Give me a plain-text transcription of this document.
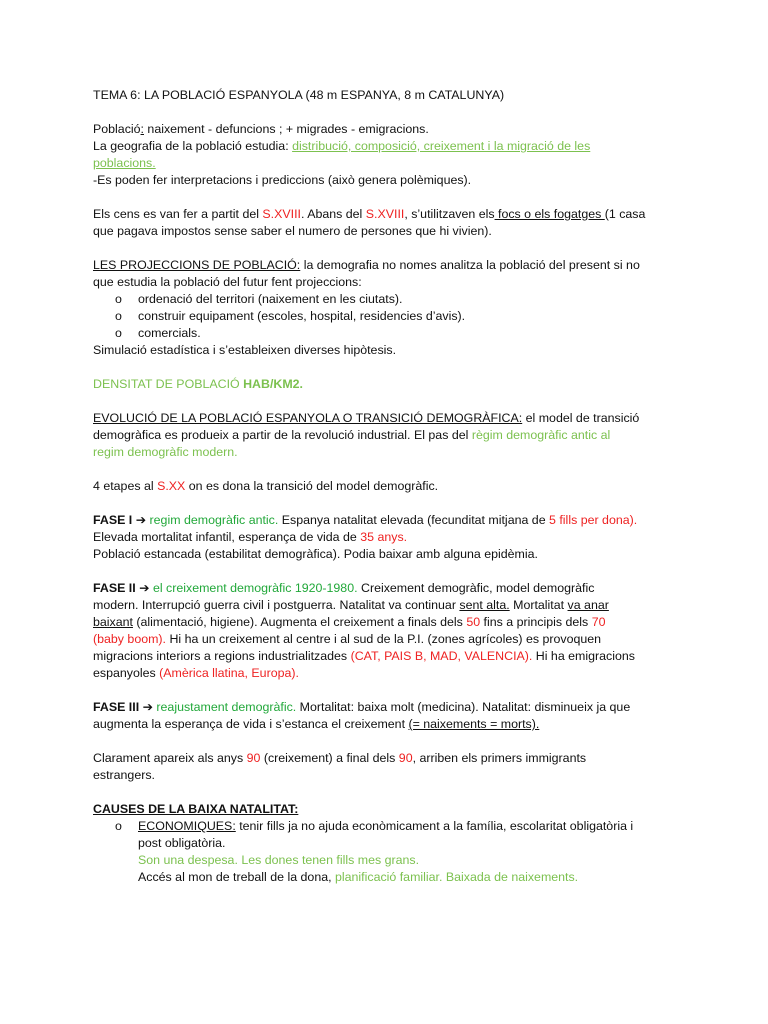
TEMA 6: LA POBLACIÓ ESPANYOLA (48 m ESPANYA, 8 m CATALUNYA)

Població: naixement - defuncions ; + migrades - emigracions.

La geografia de la població estudia: distribució, composició, creixement i la migració de les

poblacions.

-Es poden fer interpretacions i prediccions (això genera polèmiques).

Els cens es van fer a partit del S.XVIII. Abans del S.XVIII, s’utilitzaven els focs o els fogatges (1 casa

que pagava impostos sense saber el numero de persones que hi vivien).

LES PROJECCIONS DE POBLACIÓ: la demografia no nomes analitza la població del present si no

que estudia la població del futur fent projeccions:

o ordenació del territori (naixement en les ciutats).

o construir equipament (escoles, hospital, residencies d’avis).

o comercials.

Simulació estadística i s’estableixen diverses hipòtesis.

DENSITAT DE POBLACIÓ HAB/KM2.

EVOLUCIÓ DE LA POBLACIÓ ESPANYOLA O TRANSICIÓ DEMOGRÀFICA: el model de transició

demogràfica es produeix a partir de la revolució industrial. El pas del règim demogràfic antic al

regim demogràfic modern.

4 etapes al S.XX on es dona la transició del model demogràfic.

FASE I ➔ regim demogràfic antic. Espanya natalitat elevada (fecunditat mitjana de 5 fills per dona).

Elevada mortalitat infantil, esperança de vida de 35 anys.

Població estancada (estabilitat demogràfica). Podia baixar amb alguna epidèmia.

FASE II ➔ el creixement demogràfic 1920-1980. Creixement demogràfic, model demogràfic

modern. Interrupció guerra civil i postguerra. Natalitat va continuar sent alta. Mortalitat va anar

baixant (alimentació, higiene). Augmenta el creixement a finals dels 50 fins a principis dels 70

(baby boom). Hi ha un creixement al centre i al sud de la P.I. (zones agrícoles) es provoquen

migracions interiors a regions industrialitzades (CAT, PAIS B, MAD, VALENCIA). Hi ha emigracions

espanyoles (Amèrica llatina, Europa).

FASE III ➔ reajustament demogràfic. Mortalitat: baixa molt (medicina). Natalitat: disminueix ja que

augmenta la esperança de vida i s’estanca el creixement (= naixements = morts).

Clarament apareix als anys 90 (creixement) a final dels 90, arriben els primers immigrants

estrangers.

CAUSES DE LA BAIXA NATALITAT:

o ECONOMIQUES: tenir fills ja no ajuda econòmicament a la família, escolaritat obligatòria i

post obligatòria.

Son una despesa. Les dones tenen fills mes grans.

Accés al mon de treball de la dona, planificació familiar. Baixada de naixements.
